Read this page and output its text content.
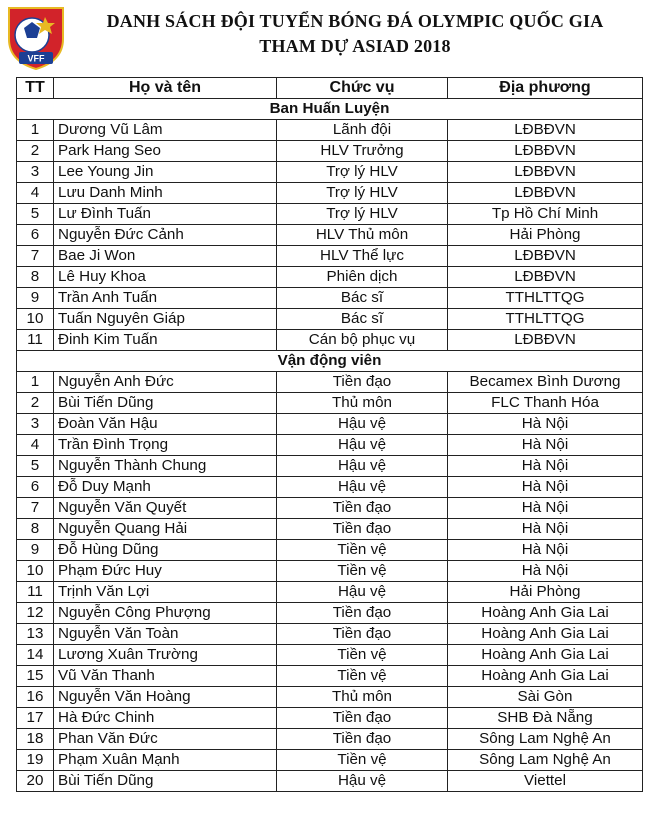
VFF
DANH SÁCH ĐỘI TUYỂN BÓNG ĐÁ OLYMPIC QUỐC GIA
THAM DỰ ASIAD 2018
TT	Họ và tên	Chức vụ	Địa phương
Ban Huấn Luyện			
1	Dương Vũ Lâm	Lãnh đội	LĐBĐVN
2	Park Hang Seo	HLV Trưởng	LĐBĐVN
3	Lee Young Jin	Trợ lý HLV	LĐBĐVN
4	Lưu Danh Minh	Trợ lý HLV	LĐBĐVN
5	Lư Đình Tuấn	Trợ lý HLV	Tp Hồ Chí Minh
6	Nguyễn Đức Cảnh	HLV Thủ môn	Hải Phòng
7	Bae Ji Won	HLV Thể lực	LĐBĐVN
8	Lê Huy Khoa	Phiên dịch	LĐBĐVN
9	Trần Anh Tuấn	Bác sĩ	TTHLTTQG
10	Tuấn Nguyên Giáp	Bác sĩ	TTHLTTQG
11	Đinh Kim Tuấn	Cán bộ phục vụ	LĐBĐVN
Vận động viên			
1	Nguyễn Anh Đức	Tiền đạo	Becamex Bình Dương
2	Bùi Tiến Dũng	Thủ môn	FLC Thanh Hóa
3	Đoàn Văn Hậu	Hậu vệ	Hà Nội
4	Trần Đình Trọng	Hậu vệ	Hà Nội
5	Nguyễn Thành Chung	Hậu vệ	Hà Nội
6	Đỗ Duy Mạnh	Hậu vệ	Hà Nội
7	Nguyễn Văn Quyết	Tiền đạo	Hà Nội
8	Nguyễn Quang Hải	Tiền đạo	Hà Nội
9	Đỗ Hùng Dũng	Tiền vệ	Hà Nội
10	Phạm Đức Huy	Tiền vệ	Hà Nội
11	Trịnh Văn Lợi	Hậu vệ	Hải Phòng
12	Nguyễn Công Phượng	Tiền đạo	Hoàng Anh Gia Lai
13	Nguyễn Văn Toàn	Tiền đạo	Hoàng Anh Gia Lai
14	Lương Xuân Trường	Tiền vệ	Hoàng Anh Gia Lai
15	Vũ Văn Thanh	Tiền vệ	Hoàng Anh Gia Lai
16	Nguyễn Văn Hoàng	Thủ môn	Sài Gòn
17	Hà Đức Chinh	Tiền đạo	SHB Đà Nẵng
18	Phan Văn Đức	Tiền đạo	Sông Lam Nghệ An
19	Phạm Xuân Mạnh	Tiền vệ	Sông Lam Nghệ An
20	Bùi Tiến Dũng	Hậu vệ	Viettel
